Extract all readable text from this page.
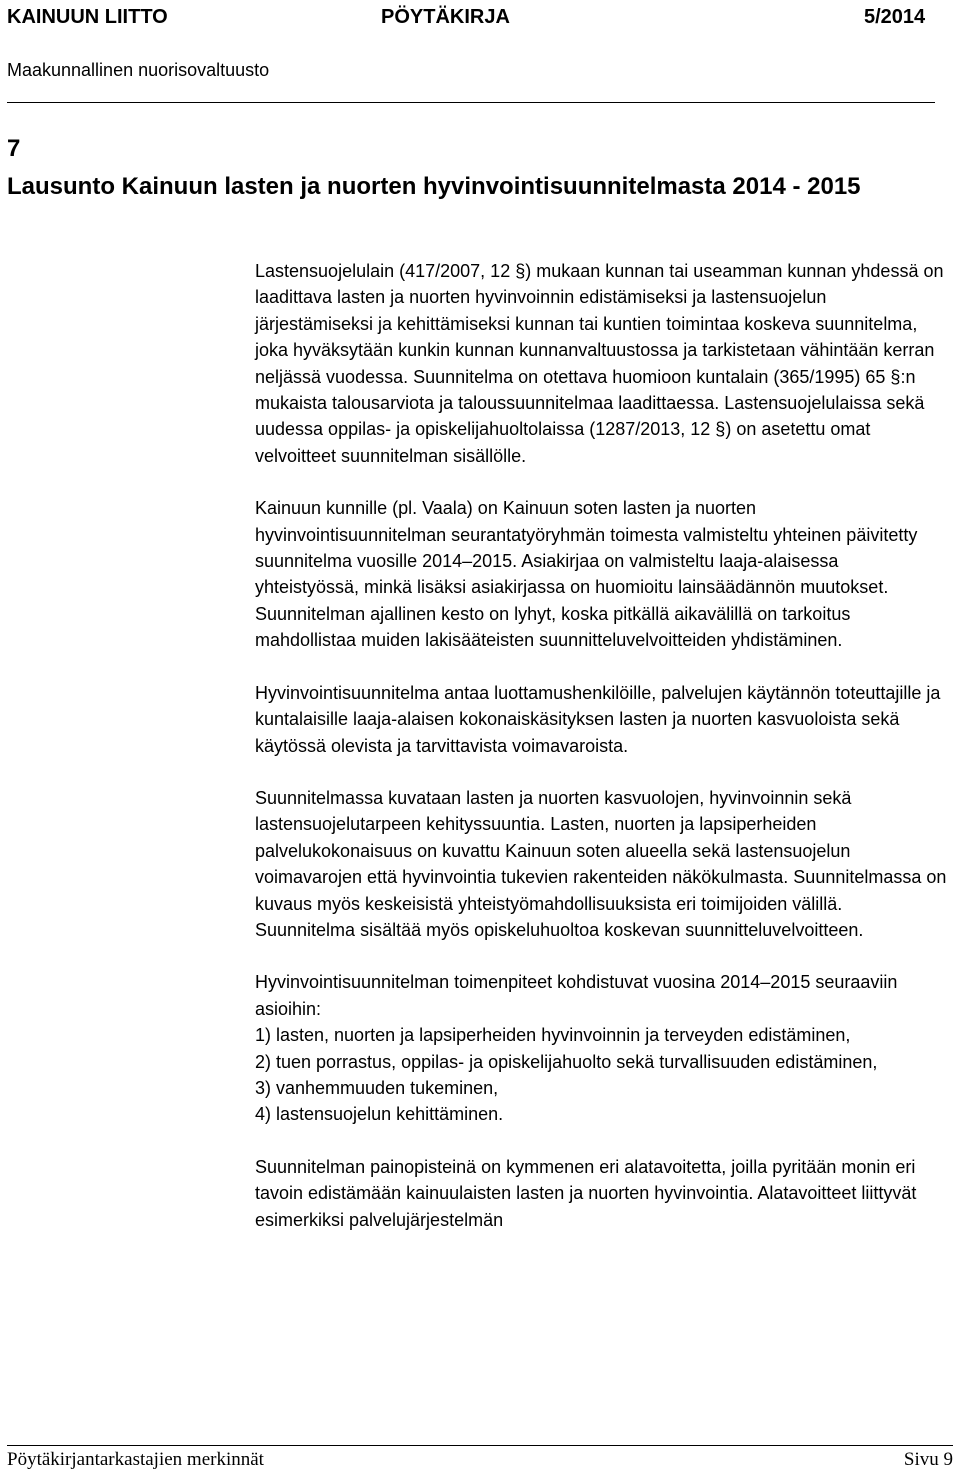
KAINUUN LIITTO	PÖYTÄKIRJA	5/2014
Maakunnallinen nuorisovaltuusto
7
Lausunto Kainuun lasten ja nuorten hyvinvointisuunnitelmasta 2014 - 2015

Lastensuojelulain (417/2007, 12 §) mukaan kunnan tai useamman kunnan yhdessä on laadittava lasten ja nuorten hyvinvoinnin edistämiseksi ja lastensuojelun järjestämiseksi ja kehittämiseksi kunnan tai kuntien toimintaa koskeva suunnitelma, joka hyväksytään kunkin kunnan kunnanvaltuustossa ja tarkistetaan vähintään kerran neljässä vuodessa. Suunnitelma on otettava huomioon kuntalain (365/1995) 65 §:n mukaista talousarviota ja taloussuunnitelmaa laadittaessa. Lastensuojelulaissa sekä uudessa oppilas- ja opiskelijahuoltolaissa (1287/2013, 12 §) on asetettu omat velvoitteet suunnitelman sisällölle.

Kainuun kunnille (pl. Vaala) on Kainuun soten lasten ja nuorten hyvinvointisuunnitelman seurantatyöryhmän toimesta valmisteltu yhteinen päivitetty suunnitelma vuosille 2014–2015. Asiakirjaa on valmisteltu laaja-alaisessa yhteistyössä, minkä lisäksi asiakirjassa on huomioitu lainsäädännön muutokset. Suunnitelman ajallinen kesto on lyhyt, koska pitkällä aikavälillä on tarkoitus mahdollistaa muiden lakisääteisten suunnitteluvelvoitteiden yhdistäminen.

Hyvinvointisuunnitelma antaa luottamushenkilöille, palvelujen käytännön toteuttajille ja kuntalaisille laaja-alaisen kokonaiskäsityksen lasten ja nuorten kasvuoloista sekä käytössä olevista ja tarvittavista voimavaroista.

Suunnitelmassa kuvataan lasten ja nuorten kasvuolojen, hyvinvoinnin sekä lastensuojelutarpeen kehityssuuntia. Lasten, nuorten ja lapsiperheiden palvelukokonaisuus on kuvattu Kainuun soten alueella sekä lastensuojelun voimavarojen että hyvinvointia tukevien rakenteiden näkökulmasta. Suunnitelmassa on kuvaus myös keskeisistä yhteistyömahdollisuuksista eri toimijoiden välillä. Suunnitelma sisältää myös opiskeluhuoltoa koskevan suunnitteluvelvoitteen.

Hyvinvointisuunnitelman toimenpiteet kohdistuvat vuosina 2014–2015 seuraaviin asioihin:

1) lasten, nuorten ja lapsiperheiden hyvinvoinnin ja terveyden edistäminen,

2) tuen porrastus, oppilas- ja opiskelijahuolto sekä turvallisuuden edistäminen,

3) vanhemmuuden tukeminen,

4) lastensuojelun kehittäminen.

Suunnitelman painopisteinä on kymmenen eri alatavoitetta, joilla pyritään monin eri tavoin edistämään kainuulaisten lasten ja nuorten hyvinvointia. Alatavoitteet liittyvät esimerkiksi palvelujärjestelmän

Pöytäkirjantarkastajien merkinnät	Sivu 9
